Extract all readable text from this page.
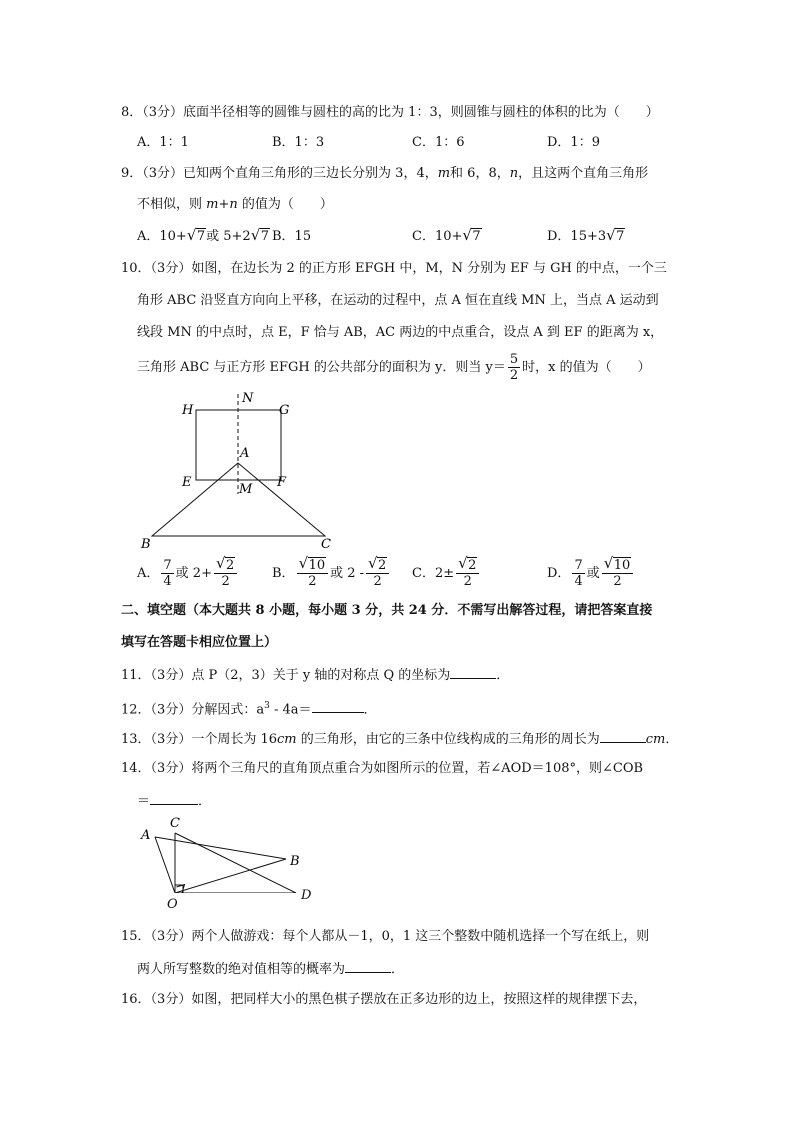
8．（3分）底面半径相等的圆锥与圆柱的高的比为 1：3，则圆锥与圆柱的体积的比为（　　）
A．1：1	B．1：3	C．1：6	D．1：9
9．（3分）已知两个直角三角形的三边长分别为 3，4，m和 6，8，n，且这两个直角三角形
不相似，则 m+n 的值为（　　）
A．10+ √ 7或 5+2 √ 7 B．15	C．10+ √ 7	D．15+3 √ 7
10．（3分）如图，在边长为 2 的正方形 EFGH 中，M，N 分别为 EF 与 GH 的中点，一个三
角形 ABC 沿竖直方向向上平移，在运动的过程中，点 A 恒在直线 MN 上，当点 A 运动到
线段 MN 的中点时，点 E，F 恰与 AB，AC 两边的中点重合，设点 A 到 EF 的距离为 x，
三角形 ABC 与正方形 EFGH 的公共部分的面积为 y．则当 $y= \frac{5}{2}$ 时，x 的值为（　　）
H
N
G
A
E	M F
B	C
A． $\frac{7}{4}$ 或 $2+ \frac{√ 2}{2}$	B． $\frac{√ 10}{2}$ 或 $2 - \frac{√ 2}{2}$ C．$2\pm \frac{√ 2}{2}$	D． $\frac{7}{4}$ 或 $\frac{√ 10}{2}$
二、填空题（本大题共 8 小题，每小题 3 分，共 24 分．不需写出解答过程，请把答案直接
填写在答题卡相应位置上）
11．（3分）点 P（2，3）关于 y 轴的对称点 Q 的坐标为	．
12．（3分）分解因式：$a^3 - 4a=$	．
13．（3分）一个周长为 16cm 的三角形，由它的三条中位线构成的三角形的周长为	cm．
14．（3分）将两个三角尺的直角顶点重合为如图所示的位置，若∠AOD＝108°，则∠COB
＝	．
A
C
B
O
D
15．（3分）两个人做游戏：每个人都从－1，0，1 这三个整数中随机选择一个写在纸上，则
两人所写整数的绝对值相等的概率为	．
16．（3分）如图，把同样大小的黑色棋子摆放在正多边形的边上，按照这样的规律摆下去，
